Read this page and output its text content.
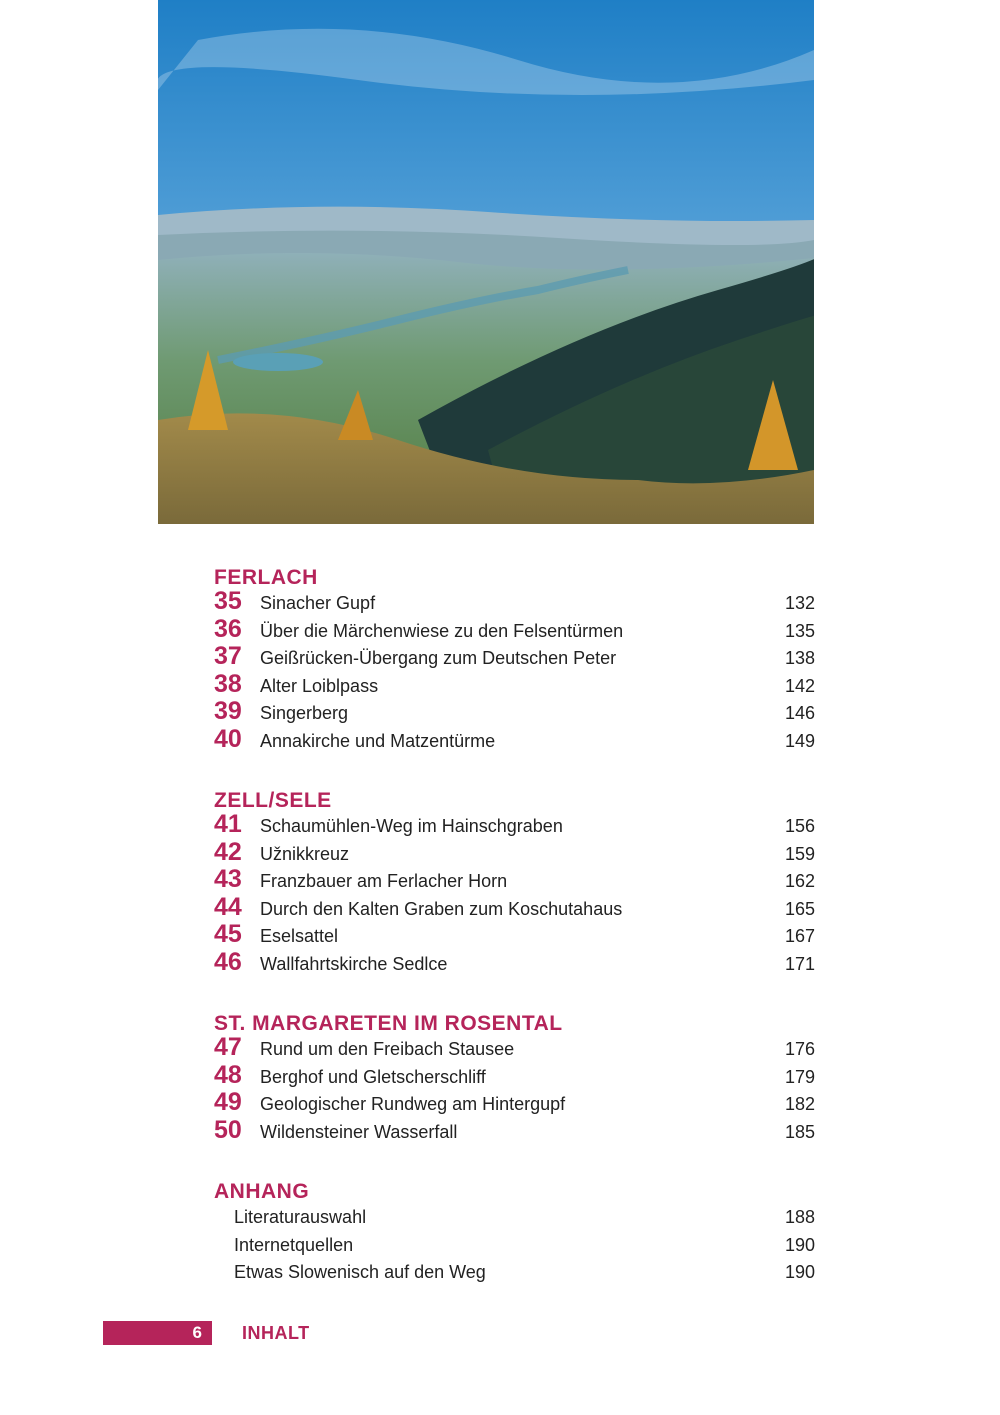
FERLACH
35 Sinacher Gupf	132
36 Über die Märchenwiese zu den Felsentürmen	135
37 Geißrücken-Übergang zum Deutschen Peter	138
38 Alter Loiblpass	142
39 Singerberg	146
40 Annakirche und Matzentürme	149
ZELL/SELE
41 Schaumühlen-Weg im Hainschgraben	156
42 Užnikkreuz	159
43 Franzbauer am Ferlacher Horn	162
44 Durch den Kalten Graben zum Koschutahaus	165
45 Eselsattel	167
46 Wallfahrtskirche Sedlce	171
ST. MARGARETEN IM ROSENTAL
47 Rund um den Freibach Stausee	176
48 Berghof und Gletscherschliff	179
49 Geologischer Rundweg am Hintergupf	182
50 Wildensteiner Wasserfall	185
ANHANG
Literaturauswahl	188
Internetquellen	190
Etwas Slowenisch auf den Weg	190
6 INHALT
